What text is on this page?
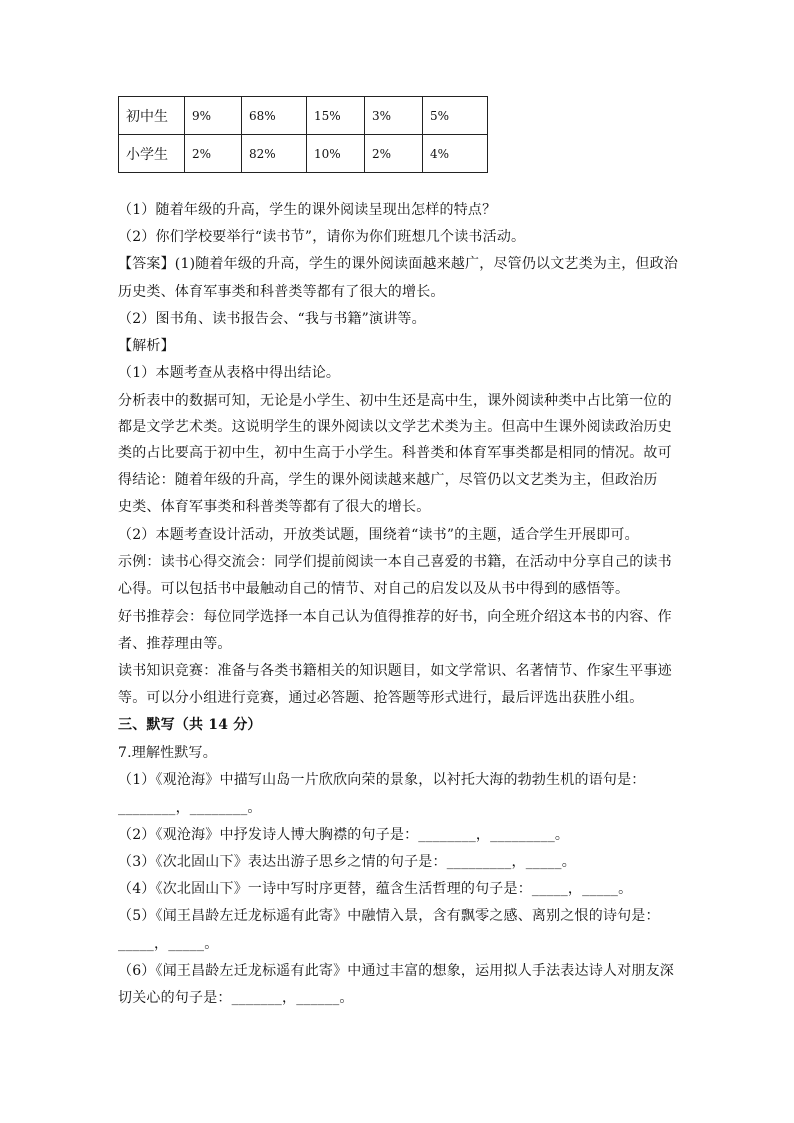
初中生	9%	68%	15%	3%	5%
小学生	2%	82%	10%	2%	4%
（1）随着年级的升高，学生的课外阅读呈现出怎样的特点？
（2）你们学校要举行“读书节”，请你为你们班想几个读书活动。
【答案】(1)随着年级的升高，学生的课外阅读面越来越广，尽管仍以文艺类为主，但政治
历史类、体育军事类和科普类等都有了很大的增长。
（2）图书角、读书报告会、“我与书籍”演讲等。
【解析】
（1）本题考查从表格中得出结论。
分析表中的数据可知，无论是小学生、初中生还是高中生，课外阅读种类中占比第一位的
都是文学艺术类。这说明学生的课外阅读以文学艺术类为主。但高中生课外阅读政治历史
类的占比要高于初中生，初中生高于小学生。科普类和体育军事类都是相同的情况。故可
得结论：随着年级的升高，学生的课外阅读越来越广，尽管仍以文艺类为主，但政治历
史类、体育军事类和科普类等都有了很大的增长。
（2）本题考查设计活动，开放类试题，围绕着“读书”的主题，适合学生开展即可。
示例：读书心得交流会：同学们提前阅读一本自己喜爱的书籍，在活动中分享自己的读书
心得。可以包括书中最触动自己的情节、对自己的启发以及从书中得到的感悟等。
好书推荐会：每位同学选择一本自己认为值得推荐的好书，向全班介绍这本书的内容、作
者、推荐理由等。
读书知识竞赛：准备与各类书籍相关的知识题目，如文学常识、名著情节、作家生平事迹
等。可以分小组进行竞赛，通过必答题、抢答题等形式进行，最后评选出获胜小组。
三、默写（共 14 分）
7.理解性默写。
（1）《观沧海》中描写山岛一片欣欣向荣的景象，以衬托大海的勃勃生机的语句是：
________，________。
（2）《观沧海》中抒发诗人博大胸襟的句子是：________，_________。
（3）《次北固山下》表达出游子思乡之情的句子是：_________，_____。
（4）《次北固山下》一诗中写时序更替，蕴含生活哲理的句子是：_____，_____。
（5）《闻王昌龄左迁龙标遥有此寄》中融情入景，含有飘零之感、离别之恨的诗句是：
_____，_____。
（6）《闻王昌龄左迁龙标遥有此寄》中通过丰富的想象，运用拟人手法表达诗人对朋友深
切关心的句子是：_______，______。
